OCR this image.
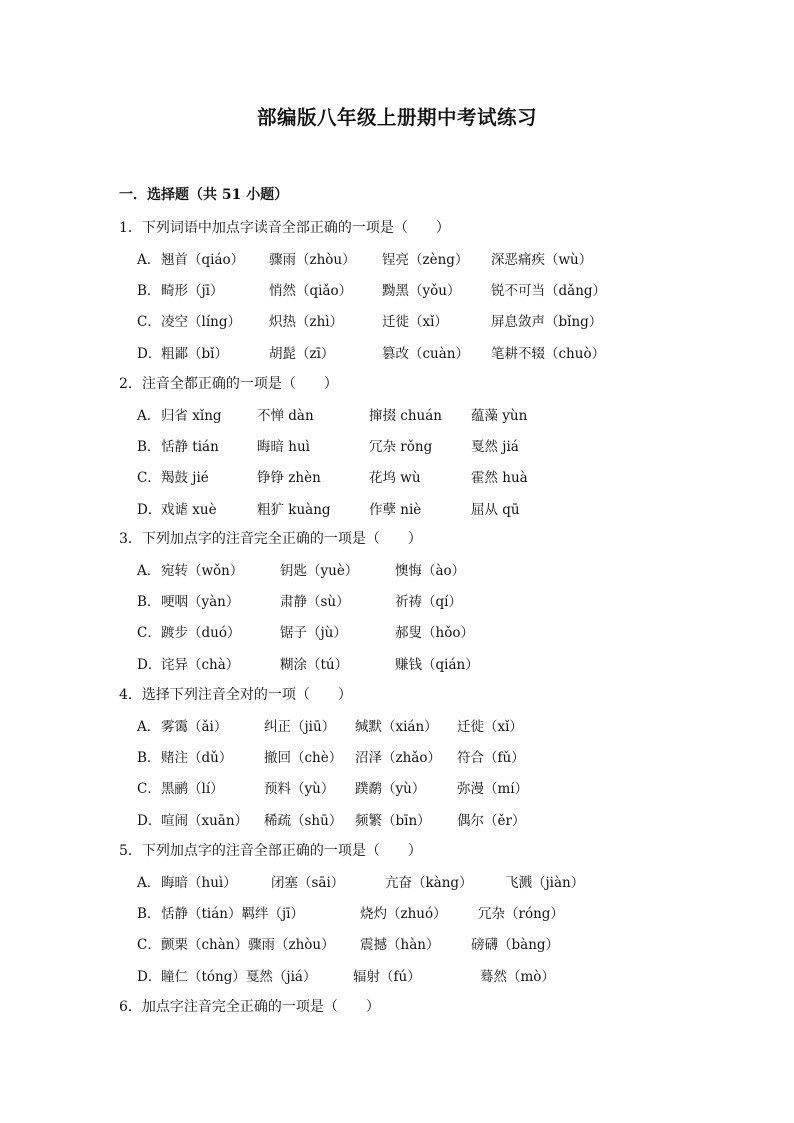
部编版八年级上册期中考试练习
一．选择题（共 51 小题）
1．下列词语中加点字读音全部正确的一项是（　　）
A． 翘首（qiáo） 骤雨（zhòu） 锃亮（zèng） 深恶痛疾（wù）
B． 畸形（jī）	悄然（qiǎo） 黝黑（yǒu） 锐不可当（dǎng）
C． 凌空（líng） 炽热（zhì）	迁徙（xǐ）	屏息敛声（bǐng）
D． 粗鄙（bǐ）	胡髭（zī）	篡改（cuàn） 笔耕不辍（chuò）
2．注音全都正确的一项是（　　）
A． 归省 xǐng	不惮 dàn	撺掇 chuán 蕴藻 yùn
B． 恬静 tián	晦暗 huì	冗杂 rǒng	戛然 jiá
C． 羯鼓 jié	铮铮 zhèn	花坞 wù	霍然 huà
D． 戏谑 xuè	粗犷 kuàng	作孽 niè	屈从 qū
3．下列加点字的注音完全正确的一项是（　　）
A． 宛转（wǒn）	钥匙（yuè）	懊悔（ào）
B． 哽咽（yàn）	肃静（sù）	祈祷（qí）
C． 踱步（duó）	锯子（jù）	郝叟（hǒo）
D． 诧异（chà）	糊涂（tú）	赚钱（qián）
4．选择下列注音全对的一项（　　）
A． 雾霭（ǎi）	纠正（jiū） 缄默（xián） 迁徙（xǐ）
B． 赌注（dǔ） 撤回（chè） 沼泽（zhǎo） 符合（fǔ）
C． 黑鹂（lí）	预料（yù） 蹼鹬（yù） 弥漫（mí）
D． 喧闹（xuān） 稀疏（shū） 频繁（bīn） 偶尔（ěr）
5．下列加点字的注音全部正确的一项是（　　）
A． 晦暗（huì）	闭塞（sāi）	亢奋（kàng） 飞溅（jiàn）
B． 恬静（tián）羁绊（jī）	烧灼（zhuó） 冗杂（róng）
C． 颤栗（chàn）骤雨（zhòu） 震撼（hàn） 磅礴（bàng）
D． 瞳仁（tóng）戛然（jiá）	辐射（fú）	蓦然（mò）
6．加点字注音完全正确的一项是（　　）
